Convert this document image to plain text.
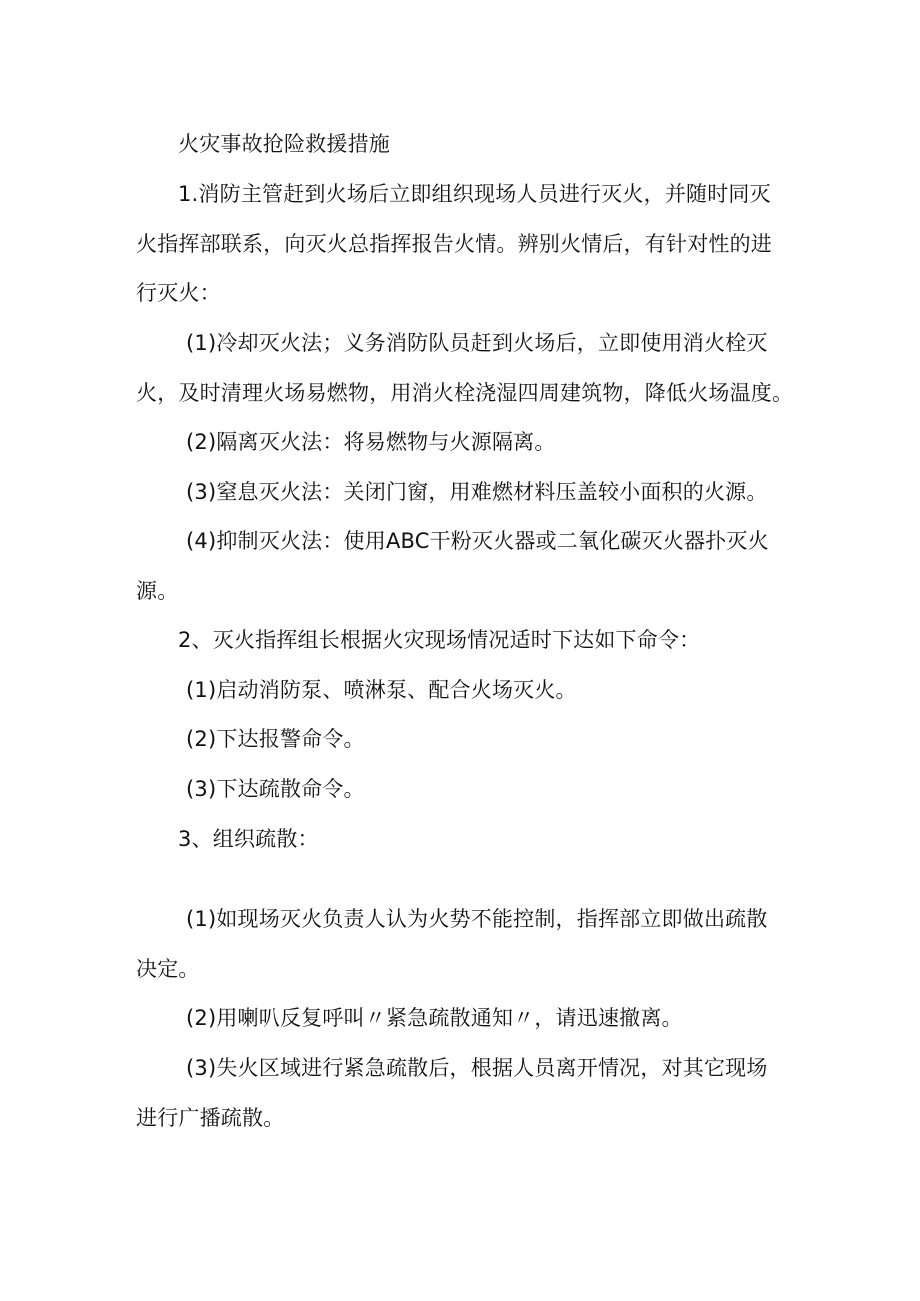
火灾事故抢险救援措施
1.消防主管赶到火场后立即组织现场人员进行灭火，并随时同灭
火指挥部联系，向灭火总指挥报告火情。辨别火情后，有针对性的进
行灭火：
(1)冷却灭火法；义务消防队员赶到火场后，立即使用消火栓灭
火，及时清理火场易燃物，用消火栓浇湿四周建筑物，降低火场温度。
(2)隔离灭火法：将易燃物与火源隔离。
(3)窒息灭火法：关闭门窗，用难燃材料压盖较小面积的火源。
(4)抑制灭火法：使用ABC干粉灭火器或二氧化碳灭火器扑灭火
源。
2、灭火指挥组长根据火灾现场情况适时下达如下命令：
(1)启动消防泵、喷淋泵、配合火场灭火。
(2)下达报警命令。
(3)下达疏散命令。
3、组织疏散：
(1)如现场灭火负责人认为火势不能控制，指挥部立即做出疏散
决定。
(2)用喇叭反复呼叫〃紧急疏散通知〃，请迅速撤离。
(3)失火区域进行紧急疏散后，根据人员离开情况，对其它现场
进行广播疏散。
